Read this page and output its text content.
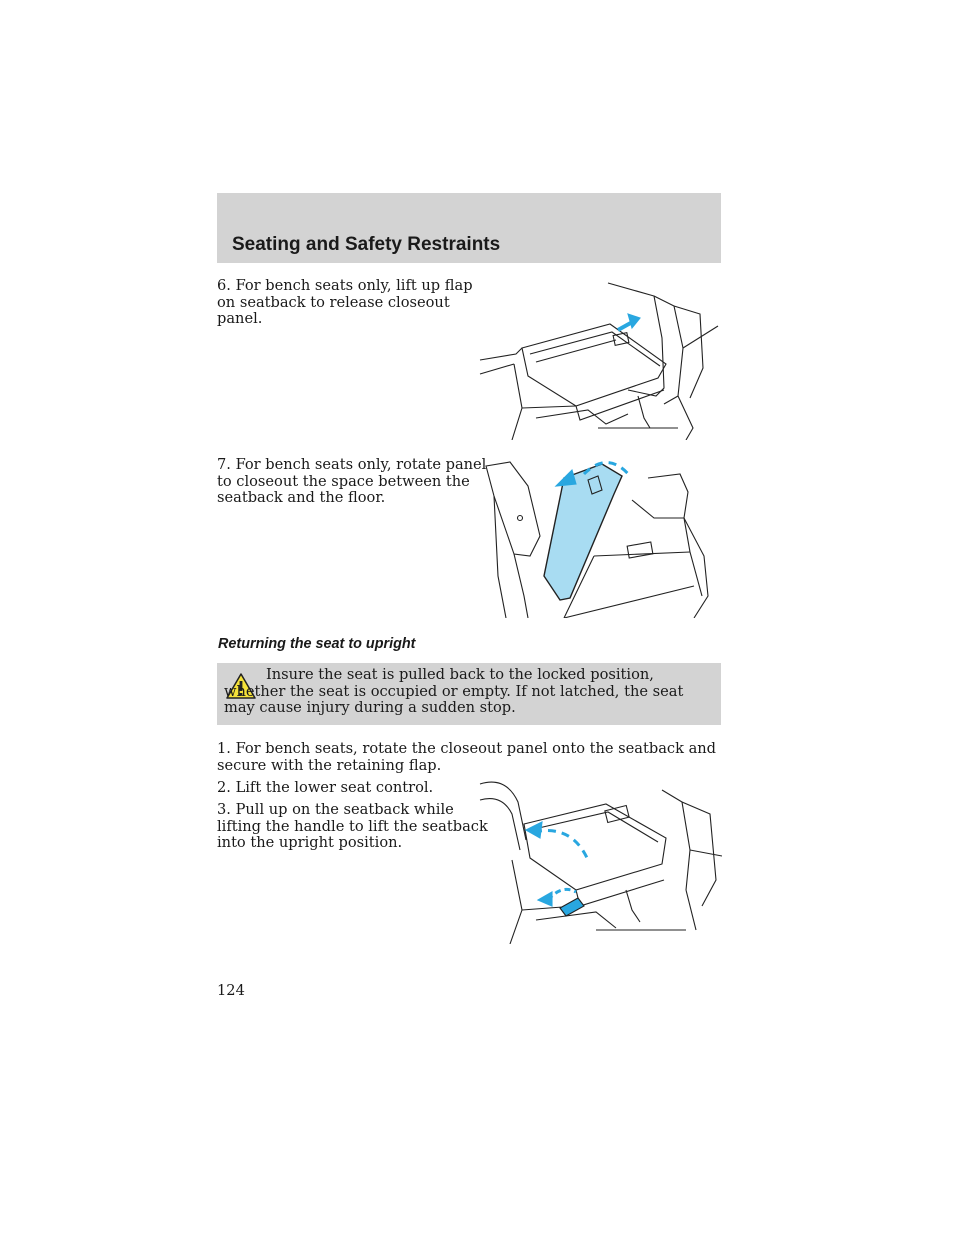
Seating and Safety Restraints

6. For bench seats only, lift up flap
on seatback to release closeout
panel.

7. For bench seats only, rotate panel
to closeout the space between the
seatback and the floor.

Returning the seat to upright

Insure the seat is pulled back to the locked position, whether the seat is occupied or empty. If not latched, the seat may cause injury during a sudden stop.

1. For bench seats, rotate the closeout panel onto the seatback and
secure with the retaining flap.

2. Lift the lower seat control.

3. Pull up on the seatback while
lifting the handle to lift the seatback
into the upright position.

124
